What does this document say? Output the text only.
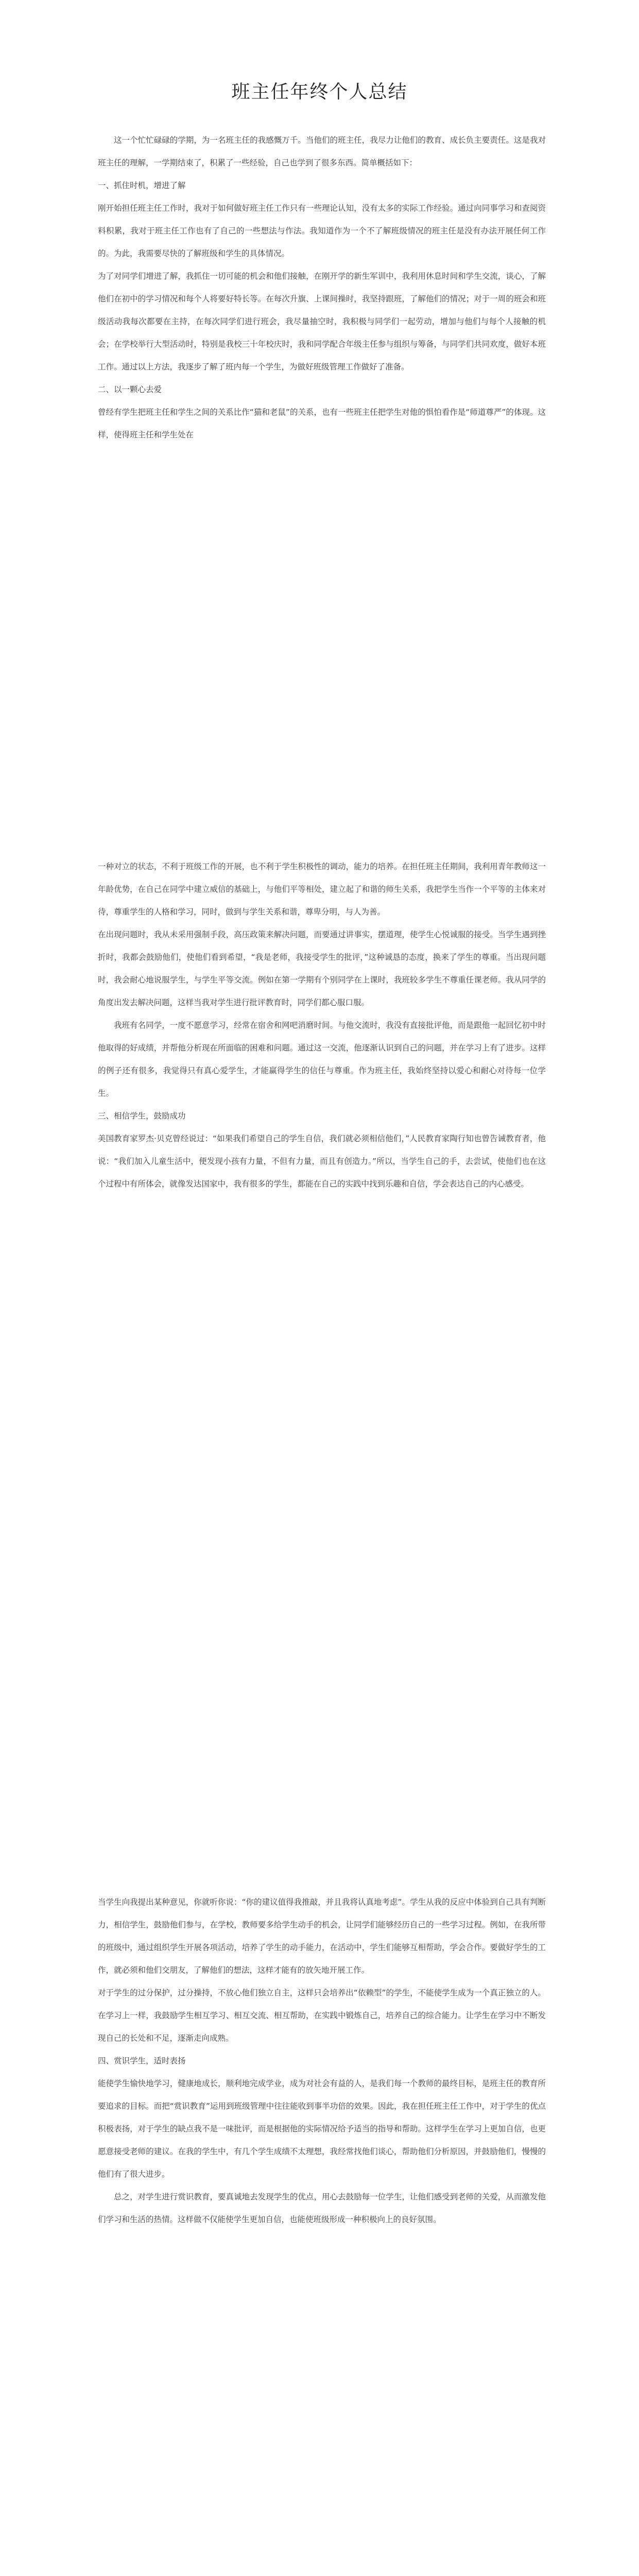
班主任年终个人总结

这一个忙忙碌碌的学期，为一名班主任的我感慨万千。当他们的班主任，我尽力让他们的教育、成长负主要责任。这是我对班主任的理解，一学期结束了，积累了一些经验，自己也学到了很多东西。简单概括如下：

一、抓住时机，增进了解

刚开始担任班主任工作时，我对于如何做好班主任工作只有一些理论认知，没有太多的实际工作经验。通过向同事学习和查阅资料积累，我对于班主任工作也有了自己的一些想法与作法。我知道作为一个不了解班级情况的班主任是没有办法开展任何工作的。为此，我需要尽快的了解班级和学生的具体情况。

为了对同学们增进了解，我抓住一切可能的机会和他们接触，在刚开学的新生军训中，我利用休息时间和学生交流，谈心，了解他们在初中的学习情况和每个人将要好特长等。在每次升旗、上课间操时，我坚持跟班，了解他们的情况；对于一周的班会和班级活动我每次都要在主持，在每次同学们进行班会，我尽量抽空时，我积极与同学们一起劳动，增加与他们与每个人接触的机会；在学校举行大型活动时，特别是我校三十年校庆时，我和同学配合年级主任参与组织与筹备，与同学们共同欢度，做好本班工作。通过以上方法，我逐步了解了班内每一个学生，为做好班级管理工作做好了准备。

二、以一颗心去爱

曾经有学生把班主任和学生之间的关系比作“猫和老鼠”的关系，也有一些班主任把学生对他的惧怕看作是“师道尊严”的体现。这样，使得班主任和学生处在

一种对立的状态，不利于班级工作的开展，也不利于学生积极性的调动，能力的培养。在担任班主任期间，我利用青年教师这一年龄优势，在自己在同学中建立威信的基础上，与他们平等相处，建立起了和谐的师生关系，我把学生当作一个平等的主体来对待，尊重学生的人格和学习，同时，做到与学生关系和谐，尊卑分明，与人为善。

在出现问题时，我从未采用强制手段，高压政策来解决问题，而要通过讲事实，摆道理，使学生心悦诚服的接受。当学生遇到挫折时，我都会鼓励他们，使他们看到希望，“我是老师，我接受学生的批评，”这种诚恳的态度，换来了学生的尊重。当出现问题时，我会耐心地说服学生，与学生平等交流。例如在第一学期有个别同学在上课时，我班较多学生不尊重任课老师。我从同学的角度出发去解决问题，这样当我对学生进行批评教育时，同学们都心服口服。

我班有名同学，一度不愿意学习，经常在宿舍和网吧消磨时间。与他交流时，我没有直接批评他，而是跟他一起回忆初中时他取得的好成绩，并帮他分析现在所面临的困难和问题。通过这一交流，他逐渐认识到自己的问题，并在学习上有了进步。这样的例子还有很多，我觉得只有真心爱学生，才能赢得学生的信任与尊重。作为班主任，我始终坚持以爱心和耐心对待每一位学生。

三、相信学生，鼓励成功

美国教育家罗杰·贝克曾经说过：“如果我们希望自己的学生自信，我们就必须相信他们，”人民教育家陶行知也曾告诫教育者，他说：“我们加入儿童生活中，便发现小孩有力量，不但有力量，而且有创造力。”所以，当学生自己的手，去尝试，使他们也在这个过程中有所体会，就像发达国家中，我有很多的学生，都能在自己的实践中找到乐趣和自信，学会表达自己的内心感受。

当学生向我提出某种意见，你就听你说：“你的建议值得我推敲，并且我将认真地考虑”。学生从我的反应中体验到自己具有判断力，相信学生，鼓励他们参与，在学校，教师要多给学生动手的机会，让同学们能够经历自己的一些学习过程。例如，在我所带的班级中，通过组织学生开展各项活动，培养了学生的动手能力，在活动中，学生们能够互相帮助，学会合作。要做好学生的工作，就必须和他们交朋友，了解他们的想法，这样才能有的放矢地开展工作。

对于学生的过分保护，过分操持，不放心他们独立自主，这样只会培养出“依赖型”的学生，不能使学生成为一个真正独立的人。在学习上一样，我鼓励学生相互学习、相互交流、相互帮助，在实践中锻炼自己，培养自己的综合能力。让学生在学习中不断发现自己的长处和不足，逐渐走向成熟。

四、赏识学生，适时表扬

能使学生愉快地学习，健康地成长，顺利地完成学业，成为对社会有益的人，是我们每一个教师的最终目标，是班主任的教育所要追求的目标。而把“赏识教育”运用到班级管理中往往能收到事半功倍的效果。因此，我在担任班主任工作中，对于学生的优点积极表扬，对于学生的缺点我不是一味批评，而是根据他的实际情况给予适当的指导和帮助。这样学生在学习上更加自信，也更愿意接受老师的建议。在我的学生中，有几个学生成绩不太理想，我经常找他们谈心，帮助他们分析原因，并鼓励他们，慢慢的他们有了很大进步。

总之，对学生进行赏识教育，要真诚地去发现学生的优点，用心去鼓励每一位学生，让他们感受到老师的关爱，从而激发他们学习和生活的热情。这样做不仅能使学生更加自信，也能使班级形成一种积极向上的良好氛围。
